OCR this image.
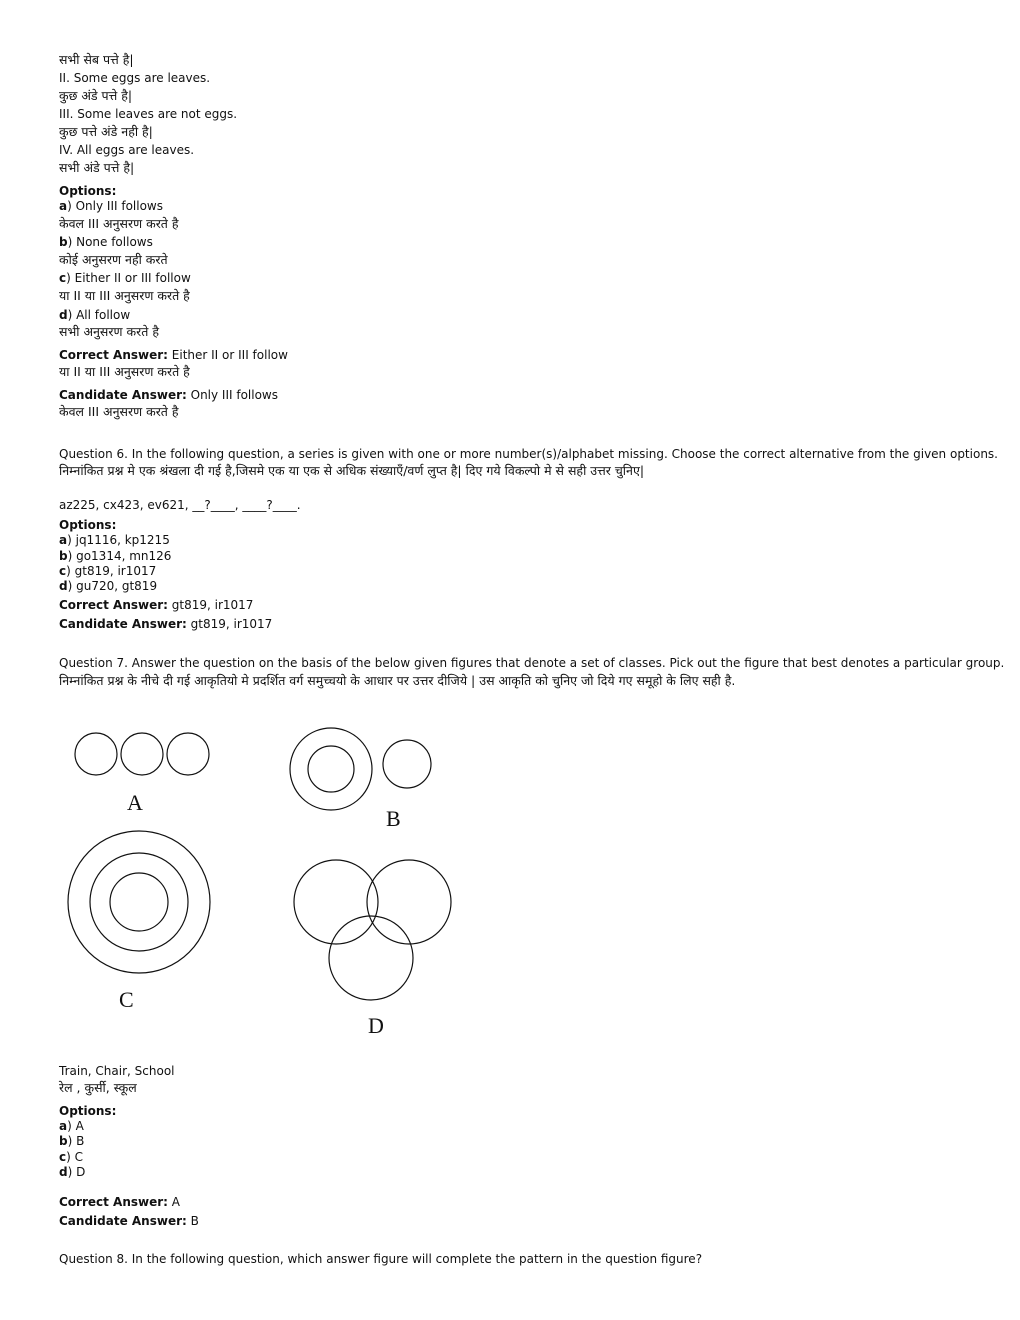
सभी सेब पत्ते है|
II. Some eggs are leaves.
कुछ अंडे पत्ते है|
III. Some leaves are not eggs.
कुछ पत्ते अंडे नही है|
IV. All eggs are leaves.
सभी अंडे पत्ते है|
Options:
a) Only III follows
केवल III अनुसरण करते है
b) None follows
कोई अनुसरण नही करते
c) Either II or III follow
या II या III अनुसरण करते है
d) All follow
सभी अनुसरण करते है
Correct Answer: Either II or III follow
या II या III अनुसरण करते है
Candidate Answer: Only III follows
केवल III अनुसरण करते है
Question 6. In the following question, a series is given with one or more number(s)/alphabet missing. Choose the correct alternative from the given options.
निम्नांकित प्रश्न मे एक श्रंखला दी गई है,जिसमे एक या एक से अधिक संख्याएँ/वर्ण लुप्त है| दिए गये विकल्पो मे से सही उत्तर चुनिए|
az225, cx423, ev621, __?____, ____?____.
Options:
a) jq1116, kp1215
b) go1314, mn126
c) gt819, ir1017
d) gu720, gt819
Correct Answer: gt819, ir1017
Candidate Answer: gt819, ir1017
Question 7. Answer the question on the basis of the below given figures that denote a set of classes. Pick out the figure that best denotes a particular group.
निम्नांकित प्रश्न के नीचे दी गई आकृतियो मे प्रदर्शित वर्ग समुच्चयो के आधार पर उत्तर दीजिये | उस आकृति को चुनिए जो दिये गए समूहो के लिए सही है.
A
B
C
D
Train, Chair, School
रेल , कुर्सी, स्कूल
Options:
a) A
b) B
c) C
d) D
Correct Answer: A
Candidate Answer: B
Question 8. In the following question, which answer figure will complete the pattern in the question figure?
